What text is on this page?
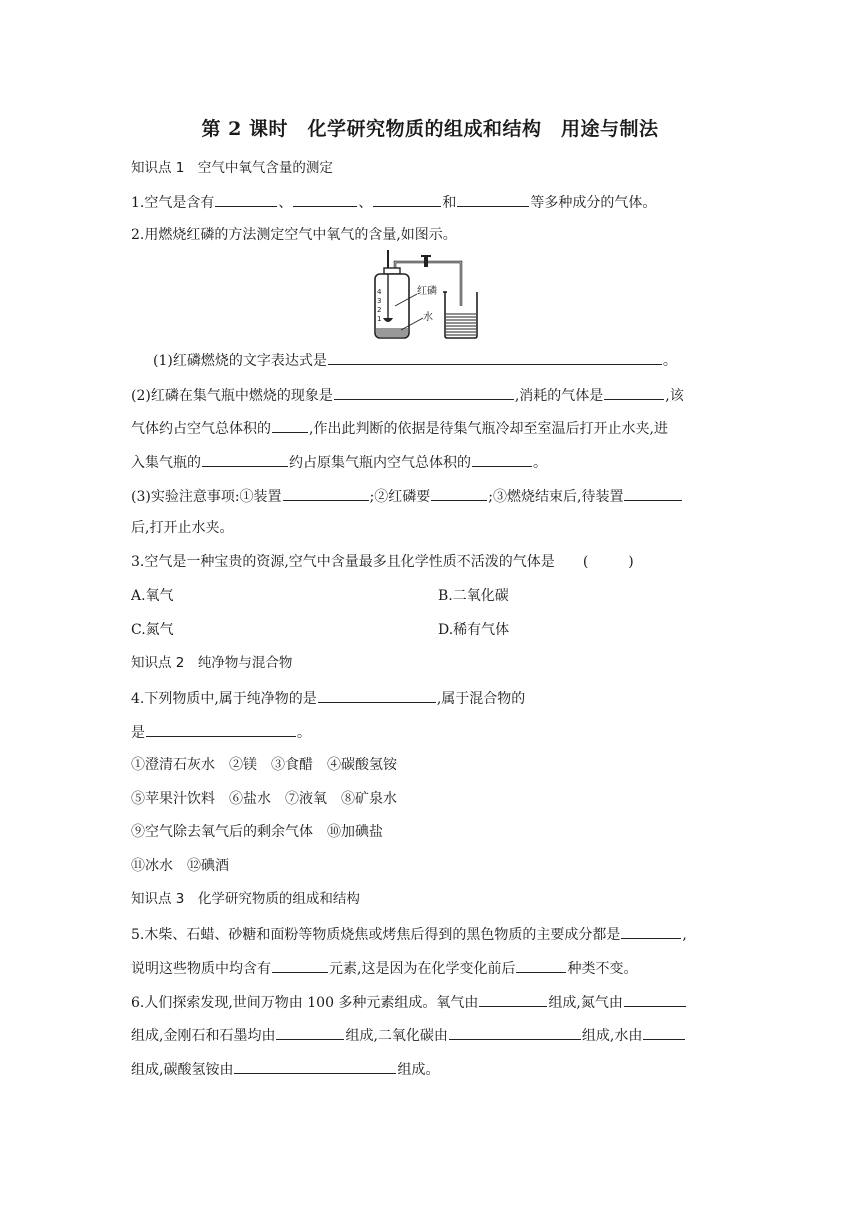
第 2 课时　化学研究物质的组成和结构　用途与制法
知识点 1　空气中氧气含量的测定
1.空气是含有	、	、	和	等多种成分的气体。
2.用燃烧红磷的方法测定空气中氧气的含量,如图示。
4
3
2
1
红磷
水
(1)红磷燃烧的文字表达式是	。
(2)红磷在集气瓶中燃烧的现象是	,消耗的气体是	,该
气体约占空气总体积的	,作出此判断的依据是待集气瓶冷却至室温后打开止水夹,进
入集气瓶的	约占原集气瓶内空气总体积的	。
(3)实验注意事项:①装置	;②红磷要	;③燃烧结束后,待装置
后,打开止水夹。
3.空气是一种宝贵的资源,空气中含量最多且化学性质不活泼的气体是   (	)
A.氧气	B.二氧化碳
C.氮气	D.稀有气体
知识点 2　纯净物与混合物
4.下列物质中,属于纯净物的是	,属于混合物的
是	。
①澄清石灰水　②镁　③食醋　④碳酸氢铵
⑤苹果汁饮料　⑥盐水　⑦液氧　⑧矿泉水
⑨空气除去氧气后的剩余气体　⑩加碘盐
⑪冰水　⑫碘酒
知识点 3　化学研究物质的组成和结构
5.木柴、石蜡、砂糖和面粉等物质烧焦或烤焦后得到的黑色物质的主要成分都是	,
说明这些物质中均含有	元素,这是因为在化学变化前后	种类不变。
6.人们探索发现,世间万物由 100 多种元素组成。氧气由	组成,氮气由
组成,金刚石和石墨均由	组成,二氧化碳由	组成,水由
组成,碳酸氢铵由	组成。
